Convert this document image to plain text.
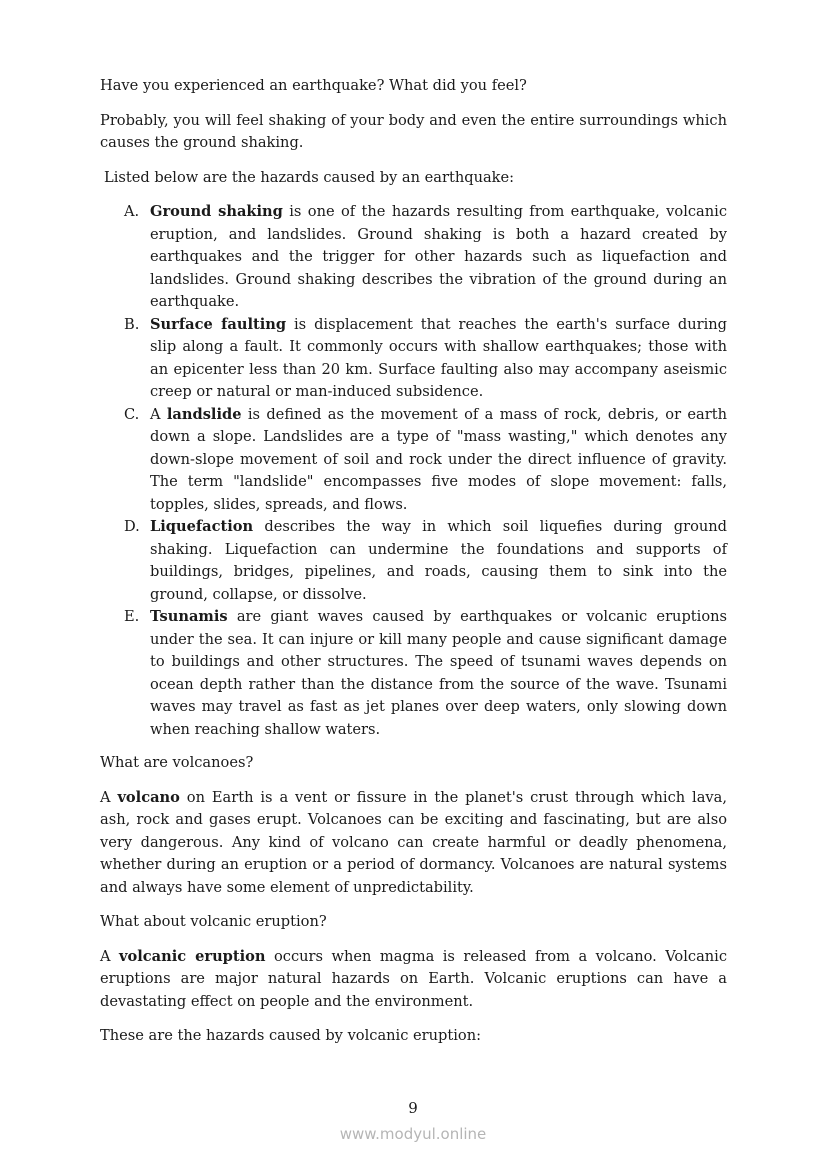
Have you experienced an earthquake? What did you feel?

Probably, you will feel shaking of your body and even the entire surroundings which causes the ground shaking.

Listed below are the hazards caused by an earthquake:

A. Ground shaking is one of the hazards resulting from earthquake, volcanic eruption, and landslides. Ground shaking is both a hazard created by earthquakes and the trigger for other hazards such as liquefaction and landslides. Ground shaking describes the vibration of the ground during an earthquake.
B. Surface faulting is displacement that reaches the earth's surface during slip along a fault. It commonly occurs with shallow earthquakes; those with an epicenter less than 20 km. Surface faulting also may accompany aseismic creep or natural or man-induced subsidence.
C. A landslide is defined as the movement of a mass of rock, debris, or earth down a slope. Landslides are a type of "mass wasting," which denotes any down-slope movement of soil and rock under the direct influence of gravity. The term "landslide" encompasses five modes of slope movement: falls, topples, slides, spreads, and flows.
D. Liquefaction describes the way in which soil liquefies during ground shaking. Liquefaction can undermine the foundations and supports of buildings, bridges, pipelines, and roads, causing them to sink into the ground, collapse, or dissolve.
E. Tsunamis are giant waves caused by earthquakes or volcanic eruptions under the sea. It can injure or kill many people and cause significant damage to buildings and other structures. The speed of tsunami waves depends on ocean depth rather than the distance from the source of the wave. Tsunami waves may travel as fast as jet planes over deep waters, only slowing down when reaching shallow waters.

What are volcanoes?

A volcano on Earth is a vent or fissure in the planet's crust through which lava, ash, rock and gases erupt. Volcanoes can be exciting and fascinating, but are also very dangerous. Any kind of volcano can create harmful or deadly phenomena, whether during an eruption or a period of dormancy. Volcanoes are natural systems and always have some element of unpredictability.

What about volcanic eruption?

A volcanic eruption occurs when magma is released from a volcano. Volcanic eruptions are major natural hazards on Earth. Volcanic eruptions can have a devastating effect on people and the environment.

These are the hazards caused by volcanic eruption:

9
www.modyul.online
